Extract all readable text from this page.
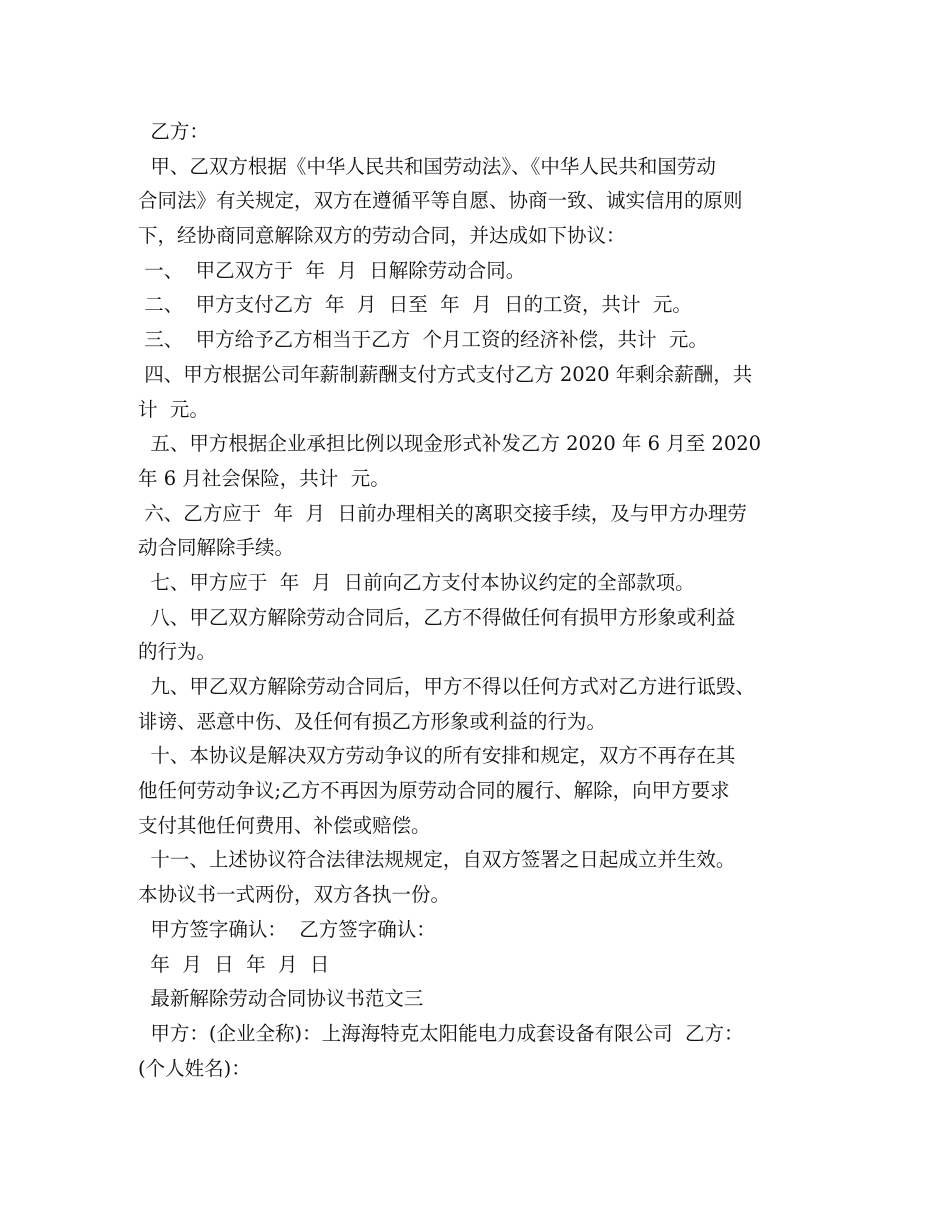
乙方：
甲、乙双方根据《中华人民共和国劳动法》、《中华人民共和国劳动
合同法》有关规定，双方在遵循平等自愿、协商一致、诚实信用的原则
下，经协商同意解除双方的劳动合同，并达成如下协议：
一、  甲乙双方于  年  月  日解除劳动合同。
二、  甲方支付乙方  年  月  日至  年  月  日的工资，共计  元。
三、  甲方给予乙方相当于乙方  个月工资的经济补偿，共计  元。
四、甲方根据公司年薪制薪酬支付方式支付乙方 2020 年剩余薪酬，共
计  元。
五、甲方根据企业承担比例以现金形式补发乙方 2020 年 6 月至 2020
年 6 月社会保险，共计  元。
六、乙方应于  年  月  日前办理相关的离职交接手续，及与甲方办理劳
动合同解除手续。
七、甲方应于  年  月  日前向乙方支付本协议约定的全部款项。
八、甲乙双方解除劳动合同后，乙方不得做任何有损甲方形象或利益
的行为。
九、甲乙双方解除劳动合同后，甲方不得以任何方式对乙方进行诋毁、
诽谤、恶意中伤、及任何有损乙方形象或利益的行为。
十、本协议是解决双方劳动争议的所有安排和规定，双方不再存在其
他任何劳动争议;乙方不再因为原劳动合同的履行、解除，向甲方要求
支付其他任何费用、补偿或赔偿。
十一、上述协议符合法律法规规定，自双方签署之日起成立并生效。
本协议书一式两份，双方各执一份。
甲方签字确认：  乙方签字确认：
年  月  日  年  月  日
最新解除劳动合同协议书范文三
甲方：(企业全称)：上海海特克太阳能电力成套设备有限公司  乙方：
(个人姓名)：
